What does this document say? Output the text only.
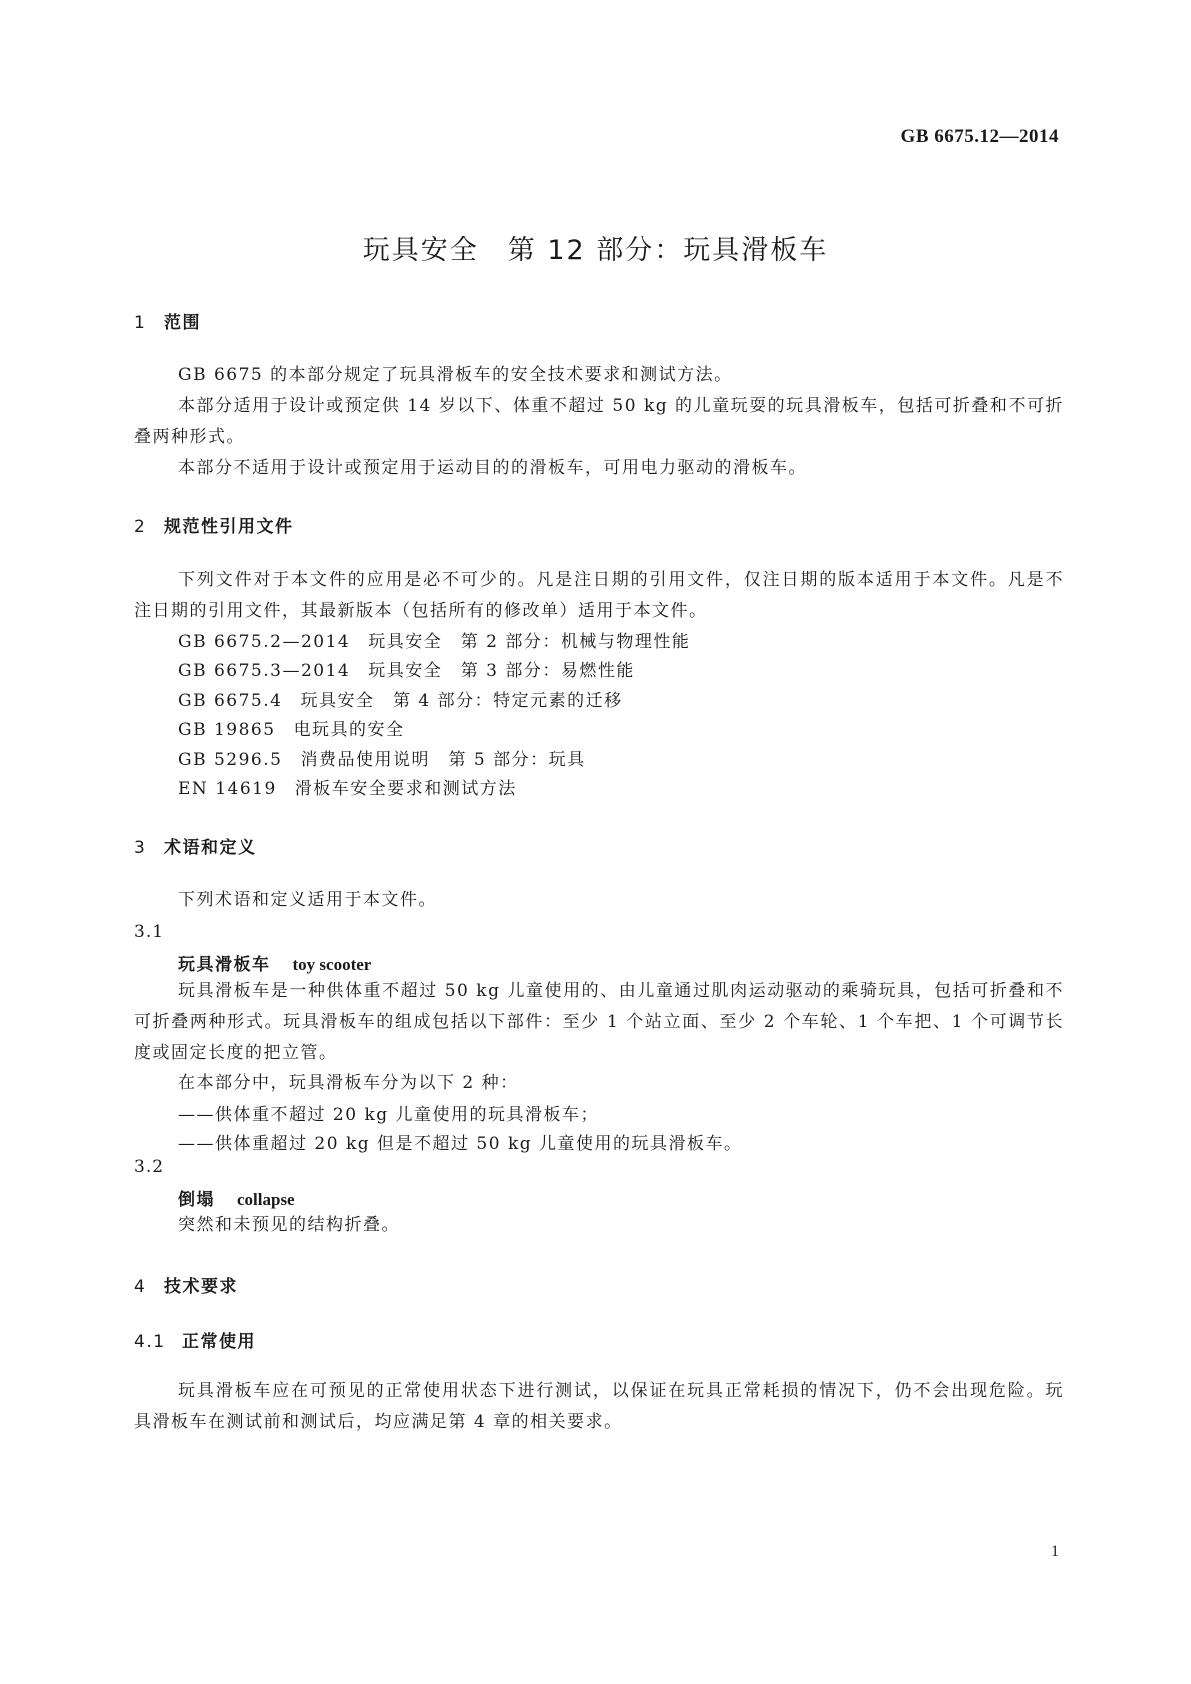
GB 6675.12—2014
玩具安全　第 12 部分：玩具滑板车
1 范围

GB 6675 的本部分规定了玩具滑板车的安全技术要求和测试方法。

本部分适用于设计或预定供 14 岁以下、体重不超过 50 kg 的儿童玩耍的玩具滑板车，包括可折叠和不可折叠两种形式。

本部分不适用于设计或预定用于运动目的的滑板车，可用电力驱动的滑板车。

2 规范性引用文件

下列文件对于本文件的应用是必不可少的。凡是注日期的引用文件，仅注日期的版本适用于本文件。凡是不注日期的引用文件，其最新版本（包括所有的修改单）适用于本文件。

GB 6675.2—2014 玩具安全　第 2 部分：机械与物理性能
GB 6675.3—2014 玩具安全　第 3 部分：易燃性能
GB 6675.4 玩具安全　第 4 部分：特定元素的迁移
GB 19865 电玩具的安全
GB 5296.5 消费品使用说明　第 5 部分：玩具
EN 14619 滑板车安全要求和测试方法
3 术语和定义

下列术语和定义适用于本文件。

3.1
玩具滑板车 toy scooter

玩具滑板车是一种供体重不超过 50 kg 儿童使用的、由儿童通过肌肉运动驱动的乘骑玩具，包括可折叠和不可折叠两种形式。玩具滑板车的组成包括以下部件：至少 1 个站立面、至少 2 个车轮、1 个车把、1 个可调节长度或固定长度的把立管。

在本部分中，玩具滑板车分为以下 2 种：

——供体重不超过 20 kg 儿童使用的玩具滑板车；
——供体重超过 20 kg 但是不超过 50 kg 儿童使用的玩具滑板车。
3.2
倒塌 collapse

突然和未预见的结构折叠。

4 技术要求
4.1 正常使用

玩具滑板车应在可预见的正常使用状态下进行测试，以保证在玩具正常耗损的情况下，仍不会出现危险。玩具滑板车在测试前和测试后，均应满足第 4 章的相关要求。

1
